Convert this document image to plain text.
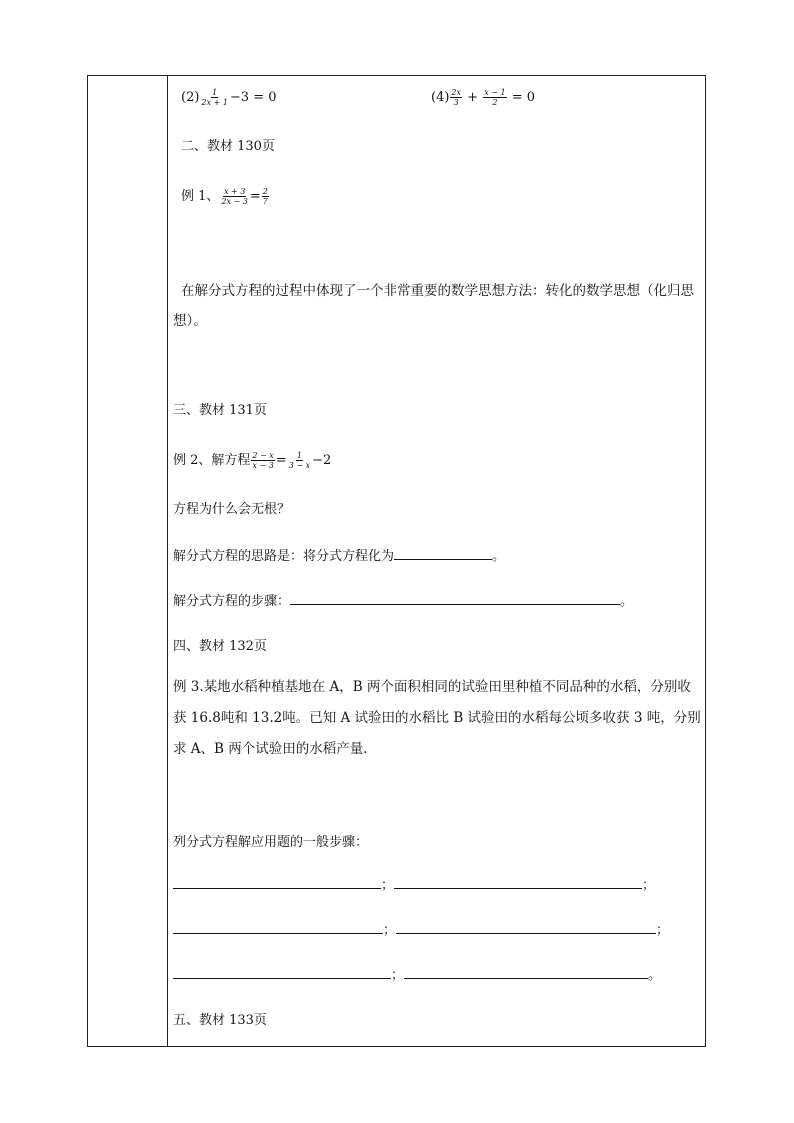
$(2) \frac{1}{2x + 1} -3 = 0$	$(4) \frac{2x}{3} + \frac{x - 1}{2} = 0$
二、教材 130页
例 1、 $\frac{x + 3}{2x - 3} = \frac{2}{7}$
在解分式方程的过程中体现了一个非常重要的数学思想方法：转化的数学思想（化归思想）。
三、教材 131页
例 2、解方程 $\frac{2 - x}{x - 3} = \frac{1}{3 - x} -2$
方程为什么会无根？
解分式方程的思路是：将分式方程化为	。
解分式方程的步骤：	。
四、教材 132页
例 3.某地水稻种植基地在 A，B 两个面积相同的试验田里种植不同品种的水稻，分别收获 16.8吨和 13.2吨。已知 A 试验田的水稻比 B 试验田的水稻每公顷多收获 3 吨，分别求 A、B 两个试验田的水稻产量.
列分式方程解应用题的一般步骤：
；	；
；	；
；	。
五、教材 133页
